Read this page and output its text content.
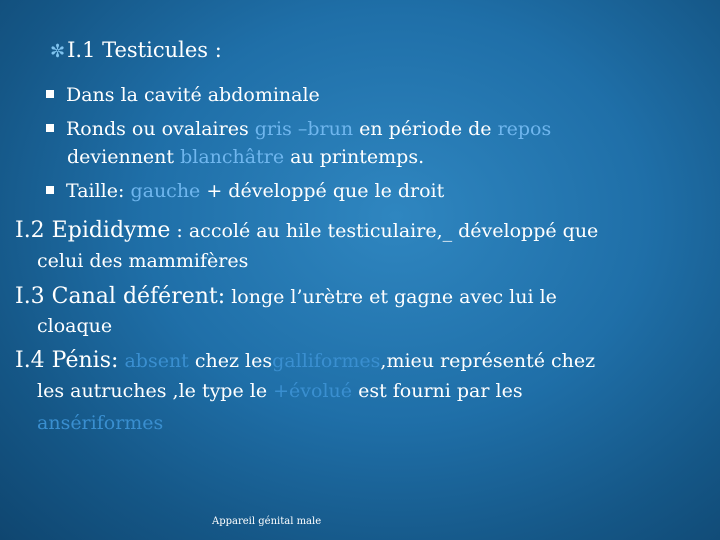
✼I.1 Testicules :
Dans la cavité abdominale
Ronds ou ovalaires gris –brun en période de repos
deviennent blanchâtre au printemps.
Taille: gauche + développé que le droit
I.2 Epididyme : accolé au hile testiculaire,_ développé que
celui des mammifères
I.3 Canal déférent: longe l’urètre et gagne avec lui le
cloaque
I.4 Pénis: absent chez lesgalliformes,mieu représenté chez
les autruches ,le type le +évolué est fourni par les
ansériformes
Appareil génital male
